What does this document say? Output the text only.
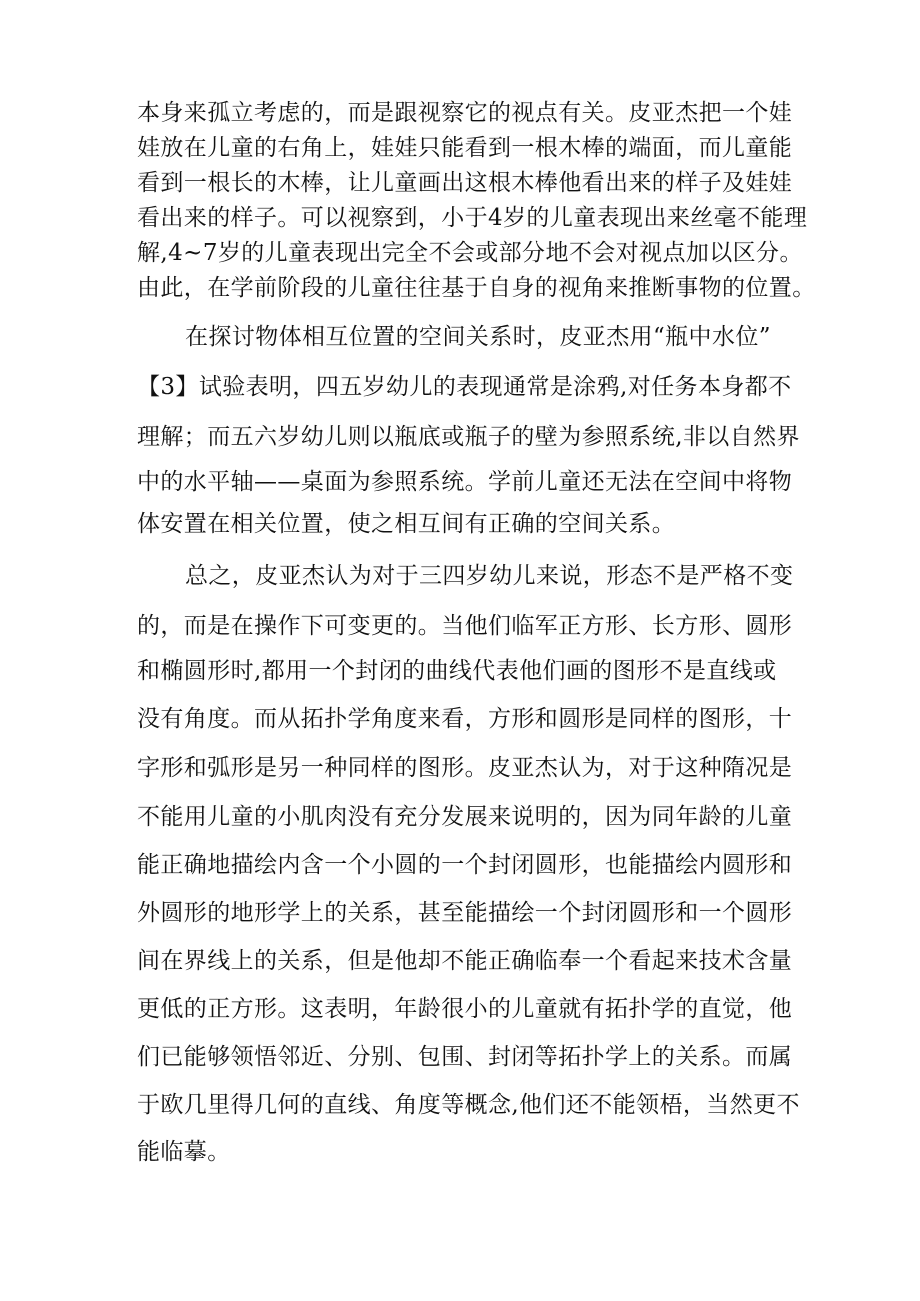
本身来孤立考虑的，而是跟视察它的视点有关。皮亚杰把一个娃
娃放在儿童的右角上，娃娃只能看到一根木棒的端面，而儿童能
看到一根长的木棒，让儿童画出这根木棒他看出来的样子及娃娃
看出来的样子。可以视察到，小于4岁的儿童表现出来丝毫不能理
解,4~7岁的儿童表现出完全不会或部分地不会对视点加以区分。
由此，在学前阶段的儿童往往基于自身的视角来推断事物的位置。
在探讨物体相互位置的空间关系时，皮亚杰用“瓶中水位”
【3】试验表明，四五岁幼儿的表现通常是涂鸦,对任务本身都不
理解；而五六岁幼儿则以瓶底或瓶子的壁为参照系统,非以自然界
中的水平轴——桌面为参照系统。学前儿童还无法在空间中将物
体安置在相关位置，使之相互间有正确的空间关系。
总之，皮亚杰认为对于三四岁幼儿来说，形态不是严格不变
的，而是在操作下可变更的。当他们临军正方形、长方形、圆形
和椭圆形时,都用一个封闭的曲线代表他们画的图形不是直线或
没有角度。而从拓扑学角度来看，方形和圆形是同样的图形，十
字形和弧形是另一种同样的图形。皮亚杰认为，对于这种隋况是
不能用儿童的小肌肉没有充分发展来说明的，因为同年龄的儿童
能正确地描绘内含一个小圆的一个封闭圆形，也能描绘内圆形和
外圆形的地形学上的关系，甚至能描绘一个封闭圆形和一个圆形
间在界线上的关系，但是他却不能正确临奉一个看起来技术含量
更低的正方形。这表明，年龄很小的儿童就有拓扑学的直觉，他
们已能够领悟邻近、分别、包围、封闭等拓扑学上的关系。而属
于欧几里得几何的直线、角度等概念,他们还不能领梧，当然更不
能临摹。
